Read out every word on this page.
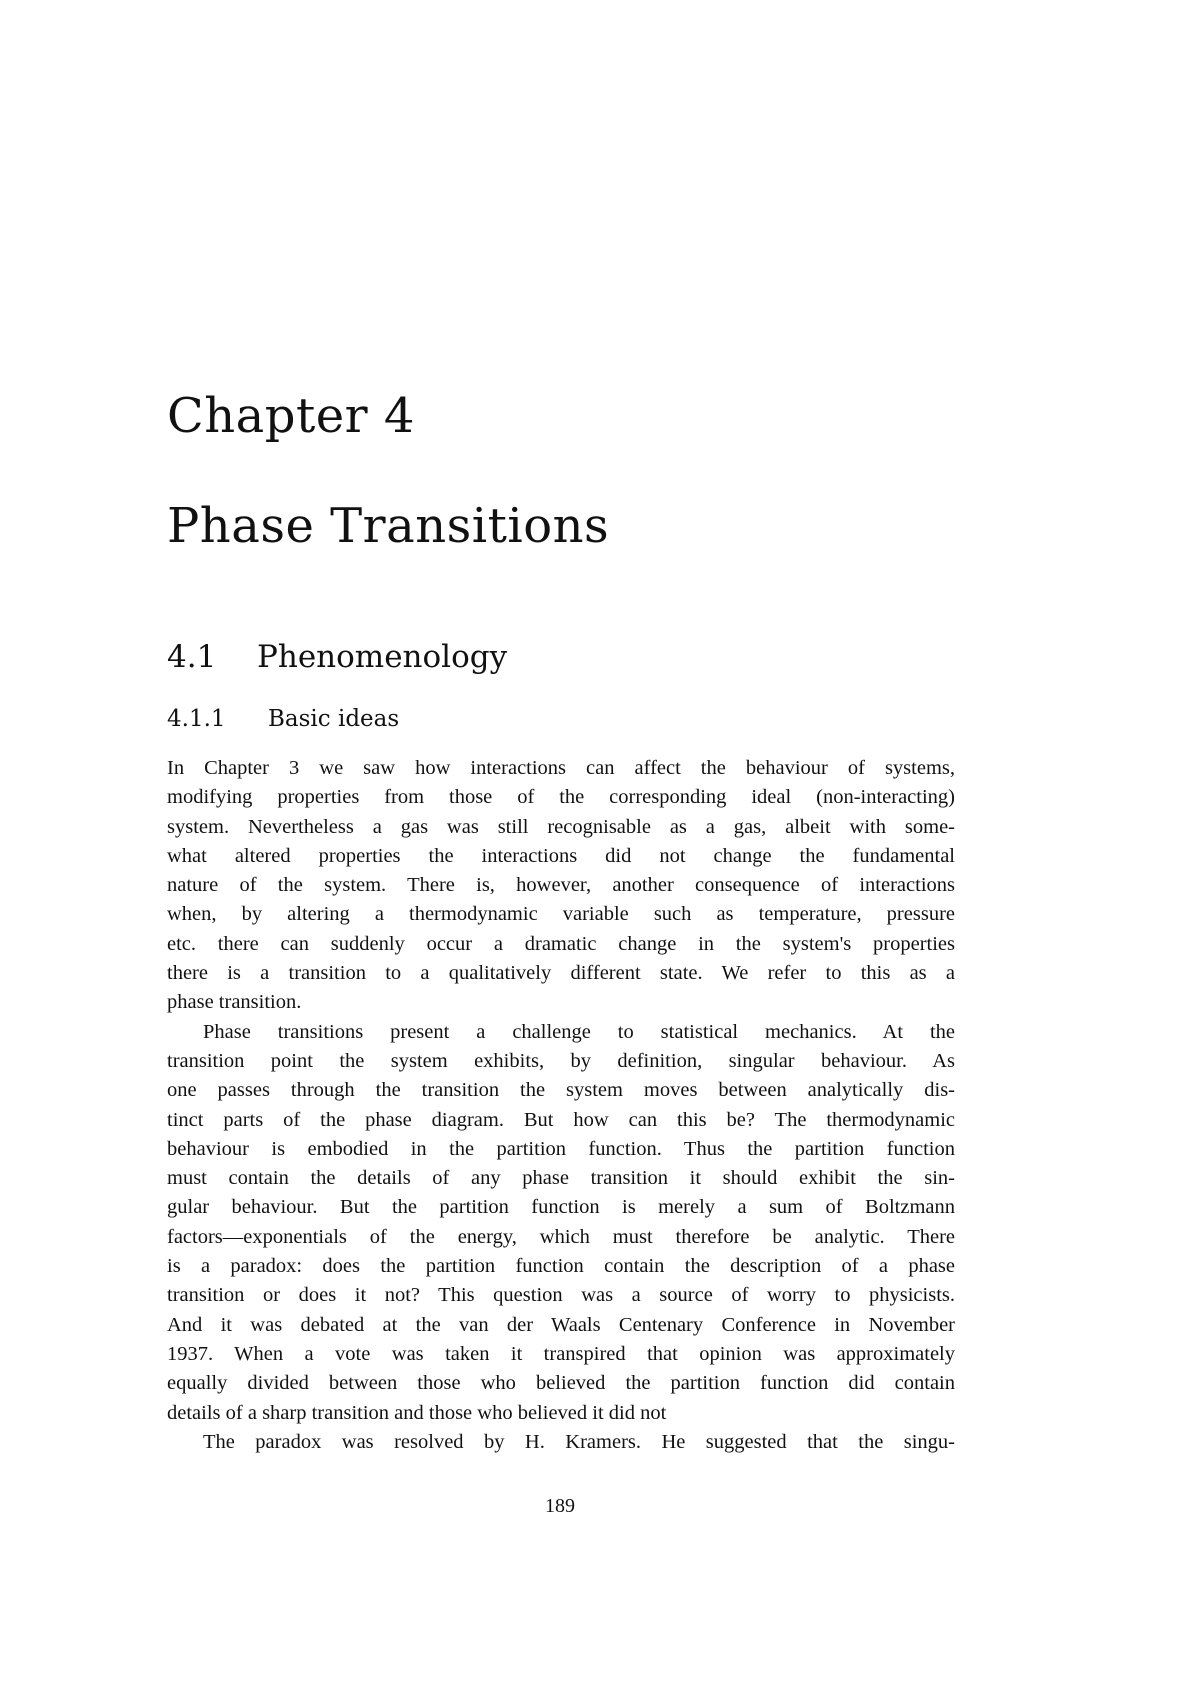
Chapter 4
Phase Transitions
4.1 Phenomenology
4.1.1 Basic ideas
In Chapter 3 we saw how interactions can affect the behaviour of systems,
modifying properties from those of the corresponding ideal (non-interacting)
system. Nevertheless a gas was still recognisable as a gas, albeit with some-
what altered properties the interactions did not change the fundamental
nature of the system. There is, however, another consequence of interactions
when, by altering a thermodynamic variable such as temperature, pressure
etc. there can suddenly occur a dramatic change in the system's properties
there is a transition to a qualitatively different state. We refer to this as a
phase transition.
Phase transitions present a challenge to statistical mechanics. At the
transition point the system exhibits, by definition, singular behaviour. As
one passes through the transition the system moves between analytically dis-
tinct parts of the phase diagram. But how can this be? The thermodynamic
behaviour is embodied in the partition function. Thus the partition function
must contain the details of any phase transition it should exhibit the sin-
gular behaviour. But the partition function is merely a sum of Boltzmann
factors—exponentials of the energy, which must therefore be analytic. There
is a paradox: does the partition function contain the description of a phase
transition or does it not? This question was a source of worry to physicists.
And it was debated at the van der Waals Centenary Conference in November
1937. When a vote was taken it transpired that opinion was approximately
equally divided between those who believed the partition function did contain
details of a sharp transition and those who believed it did not
The paradox was resolved by H. Kramers. He suggested that the singu-
189
